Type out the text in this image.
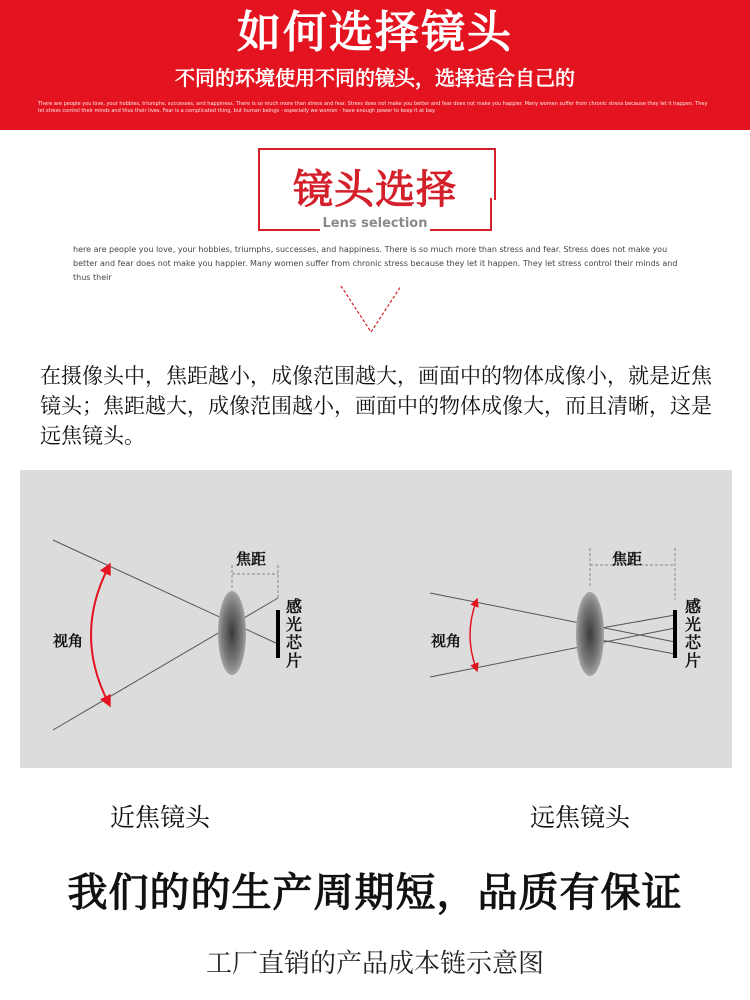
如何选择镜头
不同的环境使用不同的镜头，选择适合自己的
There are people you love, your hobbies, triumphs, successes, and happiness. There is so much more than stress and fear. Stress does not make you better and fear does not make you happier. Many women suffer from chronic stress because they let it happen. They let stress control their minds and thus their lives. Fear is a complicated thing, but human beings - especially we women - have enough power to keep it at bay.
镜头选择
Lens selection
here are people you love, your hobbies, triumphs, successes, and happiness. There is so much more than stress and fear. Stress does not make you better and fear does not make you happier. Many women suffer from chronic stress because they let it happen. They let stress control their minds and thus their
在摄像头中，焦距越小，成像范围越大，画面中的物体成像小，就是近焦镜头；焦距越大，成像范围越小，画面中的物体成像大，而且清晰，这是远焦镜头。
视角
焦距
感光芯片
视角
焦距
感光芯片
近焦镜头	远焦镜头
我们的的生产周期短，品质有保证
工厂直销的产品成本链示意图
